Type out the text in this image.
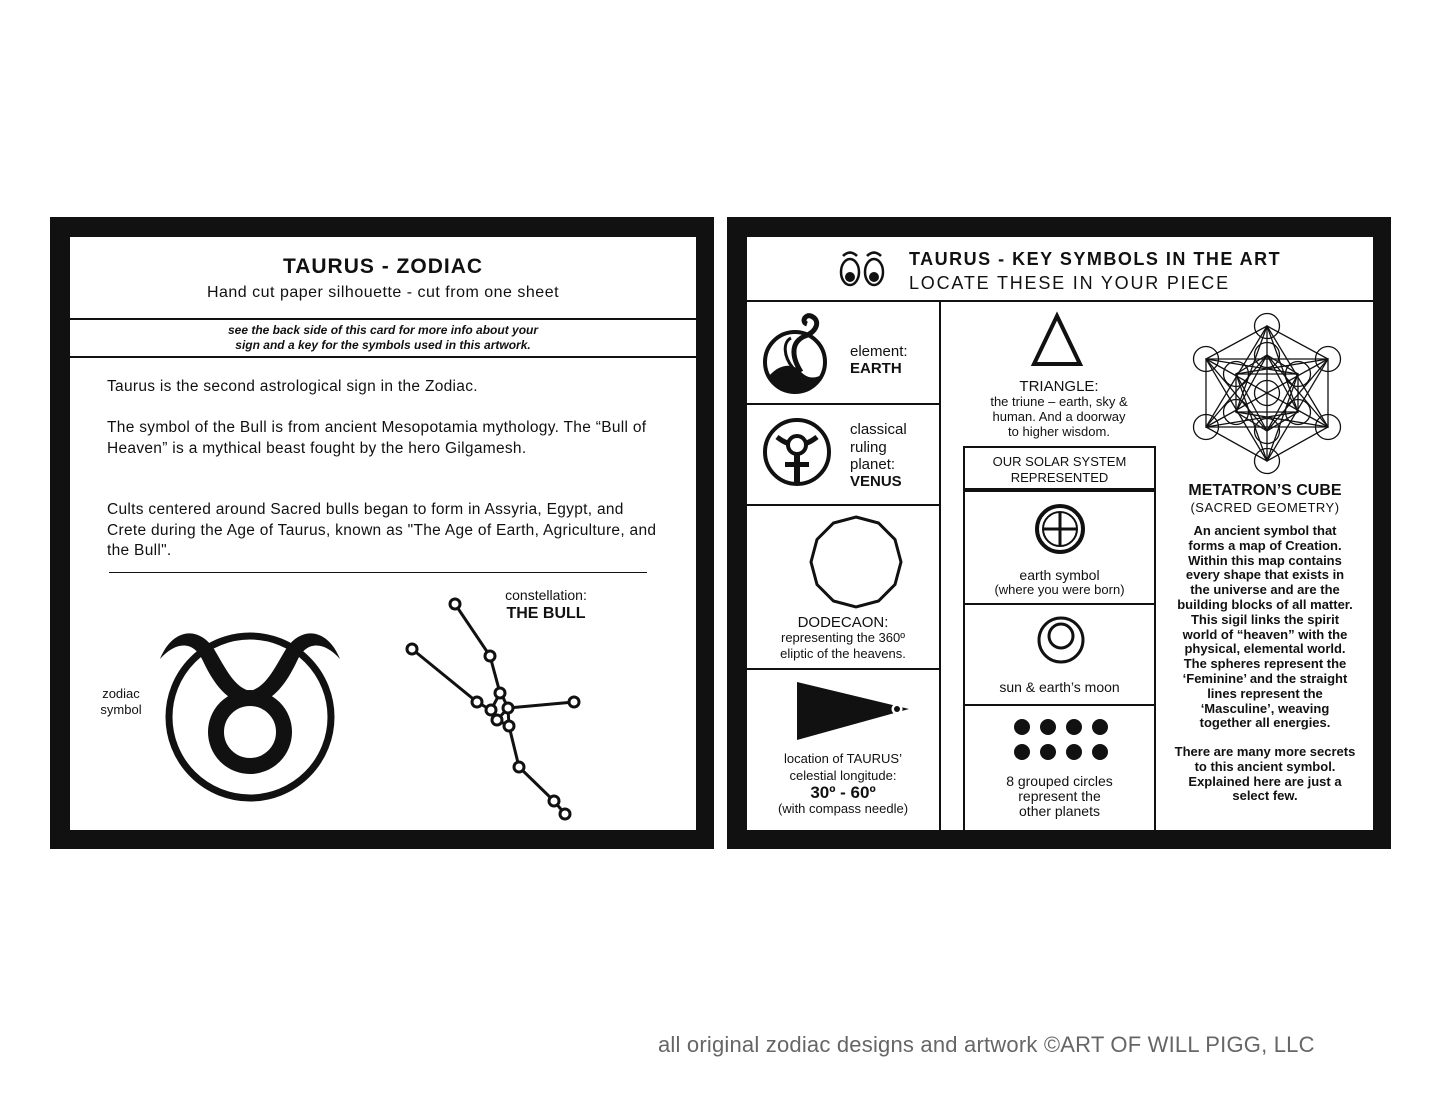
TAURUS - ZODIAC
Hand cut paper silhouette - cut from one sheet
see the back side of this card for more info about your
sign and a key for the symbols used in this artwork.
Taurus is the second astrological sign in the Zodiac.
The symbol of the Bull is from ancient Mesopotamia mythology. The “Bull of Heaven” is a mythical beast fought by the hero Gilgamesh.
Cults centered around Sacred bulls began to form in Assyria, Egypt, and Crete during the Age of Taurus, known as "The Age of Earth, Agriculture, and the Bull".
zodiac
symbol
constellation:
THE BULL
TAURUS - KEY SYMBOLS IN THE ART
LOCATE THESE IN YOUR PIECE
element:
EARTH
classical
ruling
planet:
VENUS
DODECAON:
representing the 360º
eliptic of the heavens.
location of TAURUS’
celestial longitude:
30º - 60º
(with compass needle)
TRIANGLE:
the triune – earth, sky &
human. And a doorway
to higher wisdom.
OUR SOLAR SYSTEM
REPRESENTED
earth symbol
(where you were born)
sun & earth’s moon
8 grouped circles
represent the
other planets
METATRON’S CUBE
(SACRED GEOMETRY)
An ancient symbol that
forms a map of Creation.
Within this map contains
every shape that exists in
the universe and are the
building blocks of all matter.
This sigil links the spirit
world of “heaven” with the
physical, elemental world.
The spheres represent the
‘Feminine’ and the straight
lines represent the
‘Masculine’, weaving
together all energies.
There are many more secrets
to this ancient symbol.
Explained here are just a
select few.
all original zodiac designs and artwork ©ART OF WILL PIGG, LLC
